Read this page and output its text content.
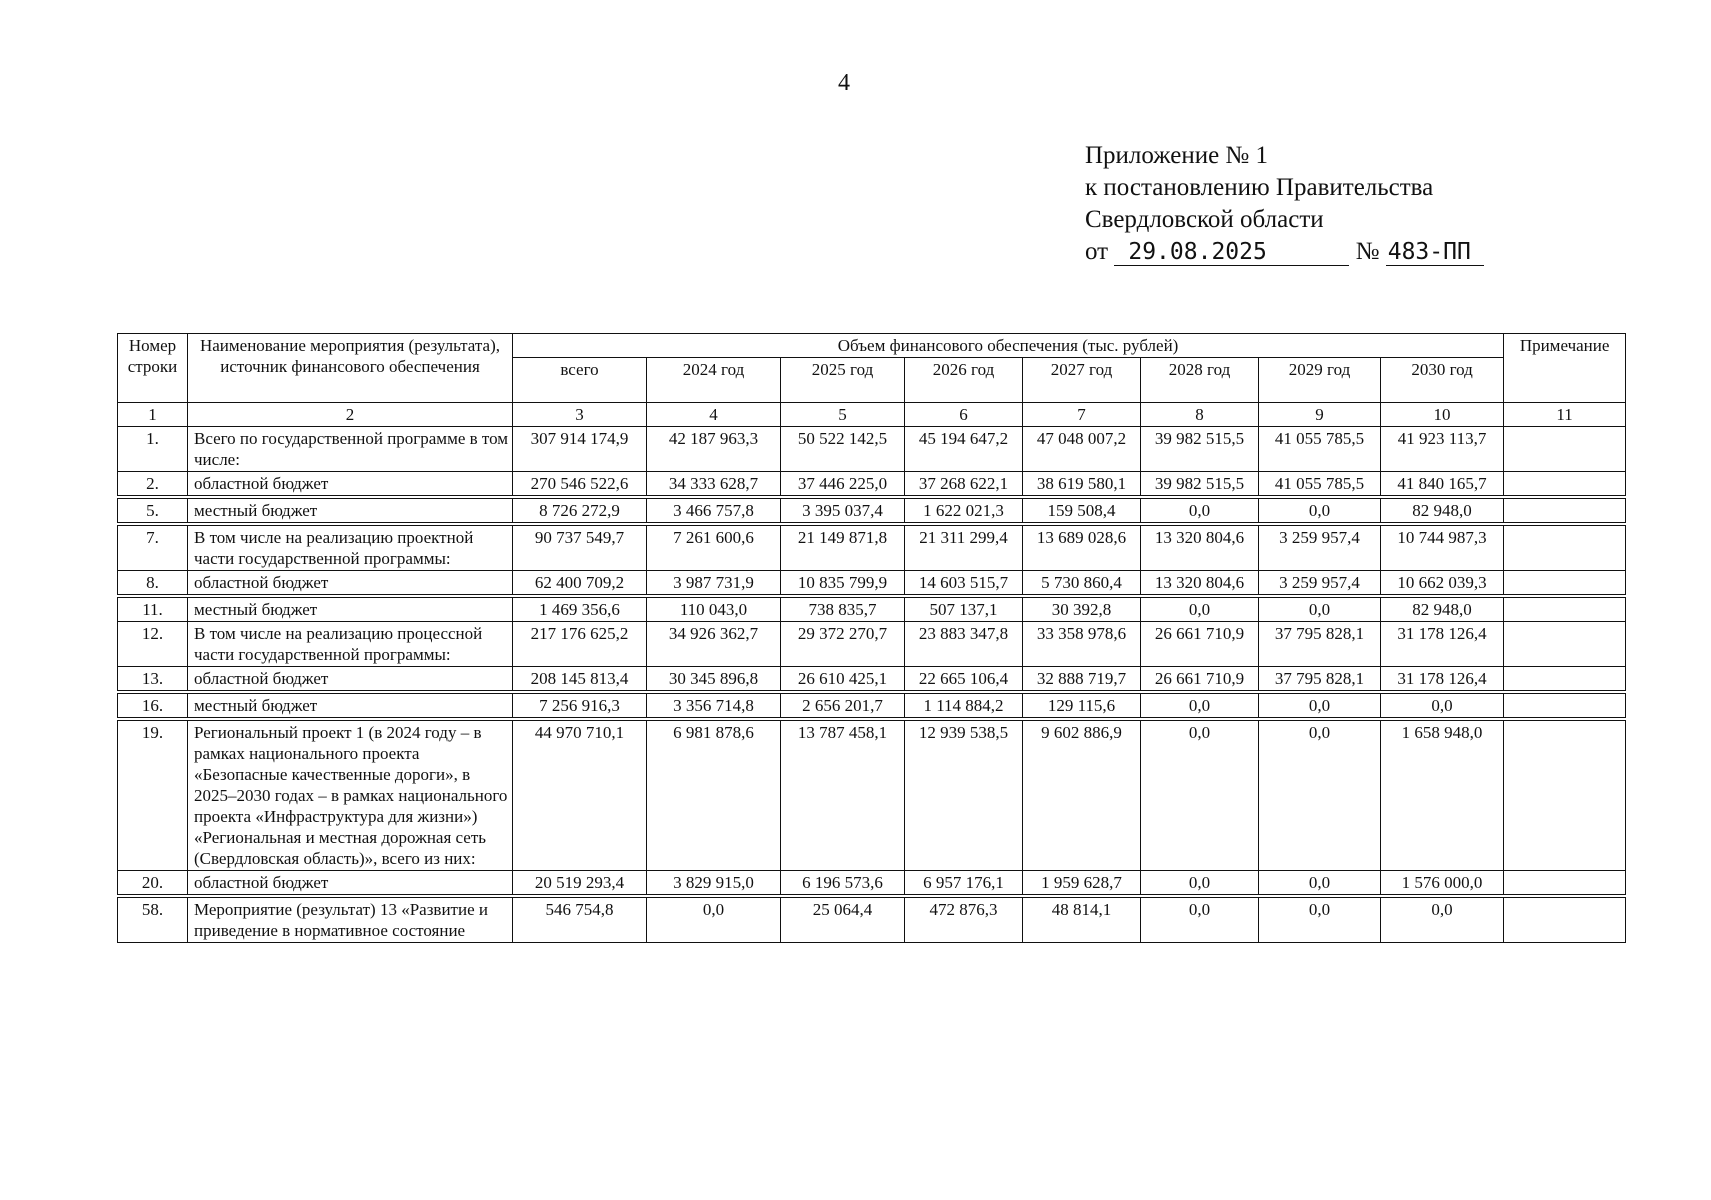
4
Приложение № 1
к постановлению Правительства
Свердловской области
от 29.08.2025	№ 483-ПП
Номер строки	Наименование мероприятия (результата), источник финансового обеспечения	Объем финансового обеспечения (тыс. рублей)								Примечание
		всего	2024 год	2025 год	2026 год	2027 год	2028 год	2029 год	2030 год	
1	2	3	4	5	6	7	8	9	10	11
1.	Всего по государственной программе в том числе:	307 914 174,9	42 187 963,3	50 522 142,5	45 194 647,2	47 048 007,2	39 982 515,5	41 055 785,5	41 923 113,7	
2.	областной бюджет	270 546 522,6	34 333 628,7	37 446 225,0	37 268 622,1	38 619 580,1	39 982 515,5	41 055 785,5	41 840 165,7	

5.	местный бюджет	8 726 272,9	3 466 757,8	3 395 037,4	1 622 021,3	159 508,4	0,0	0,0	82 948,0	

7.	В том числе на реализацию проектной части государственной программы:	90 737 549,7	7 261 600,6	21 149 871,8	21 311 299,4	13 689 028,6	13 320 804,6	3 259 957,4	10 744 987,3	
8.	областной бюджет	62 400 709,2	3 987 731,9	10 835 799,9	14 603 515,7	5 730 860,4	13 320 804,6	3 259 957,4	10 662 039,3	

11.	местный бюджет	1 469 356,6	110 043,0	738 835,7	507 137,1	30 392,8	0,0	0,0	82 948,0	
12.	В том числе на реализацию процессной части государственной программы:	217 176 625,2	34 926 362,7	29 372 270,7	23 883 347,8	33 358 978,6	26 661 710,9	37 795 828,1	31 178 126,4	
13.	областной бюджет	208 145 813,4	30 345 896,8	26 610 425,1	22 665 106,4	32 888 719,7	26 661 710,9	37 795 828,1	31 178 126,4	

16.	местный бюджет	7 256 916,3	3 356 714,8	2 656 201,7	1 114 884,2	129 115,6	0,0	0,0	0,0	

19.	Региональный проект 1 (в 2024 году – в рамках национального проекта «Безопасные качественные дороги», в 2025–2030 годах – в рамках национального проекта «Инфраструктура для жизни») «Региональная и местная дорожная сеть (Свердловская область)», всего из них:	44 970 710,1	6 981 878,6	13 787 458,1	12 939 538,5	9 602 886,9	0,0	0,0	1 658 948,0	
20.	областной бюджет	20 519 293,4	3 829 915,0	6 196 573,6	6 957 176,1	1 959 628,7	0,0	0,0	1 576 000,0	

58.	Мероприятие (результат) 13 «Развитие и приведение в нормативное состояние	546 754,8	0,0	25 064,4	472 876,3	48 814,1	0,0	0,0	0,0	
